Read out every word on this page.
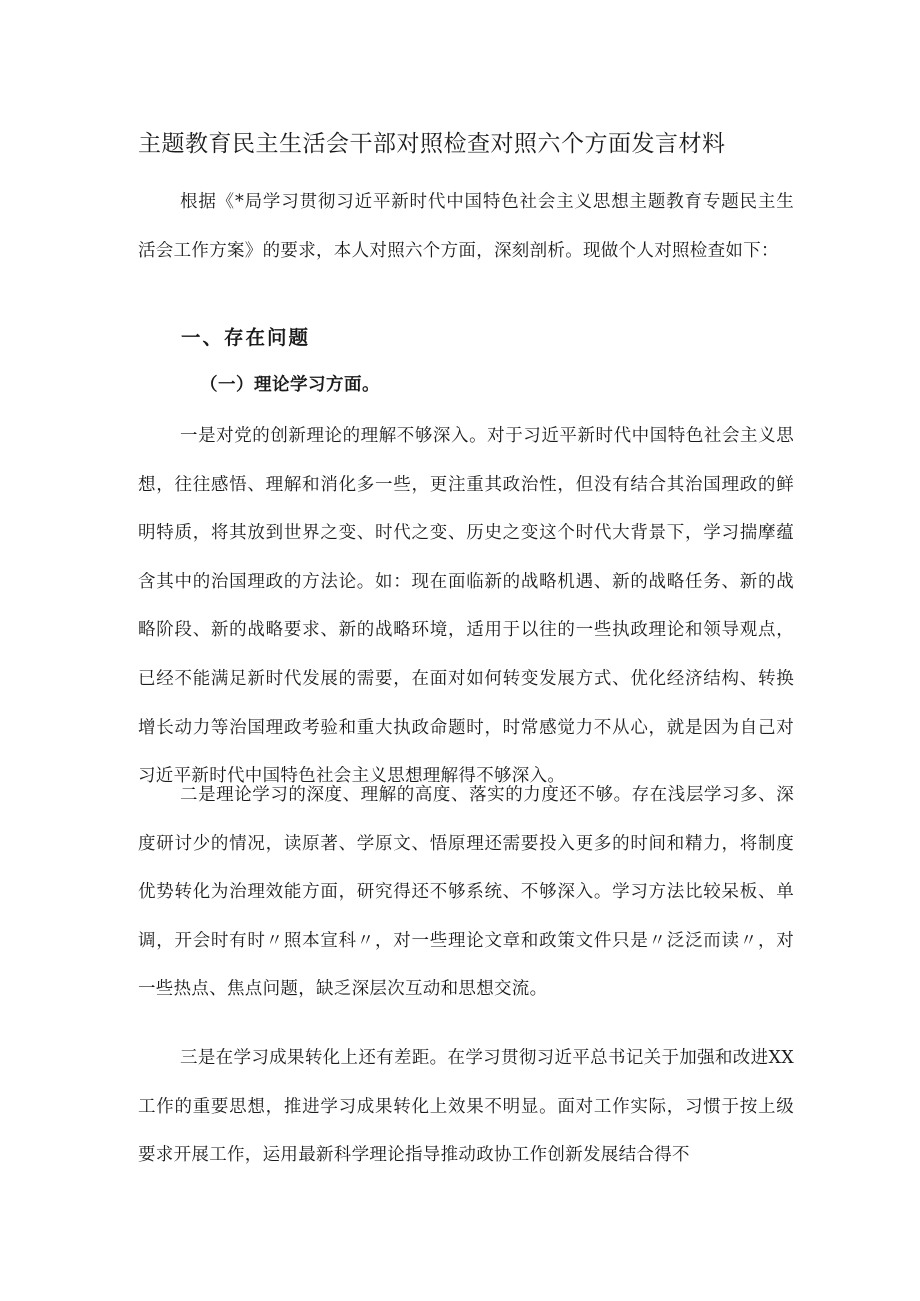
主题教育民主生活会干部对照检查对照六个方面发言材料

根据《*局学习贯彻习近平新时代中国特色社会主义思想主题教育专题民主生活会工作方案》的要求，本人对照六个方面，深刻剖析。现做个人对照检查如下：

一、存在问题
（一）理论学习方面。

一是对党的创新理论的理解不够深入。对于习近平新时代中国特色社会主义思想，往往感悟、理解和消化多一些，更注重其政治性，但没有结合其治国理政的鲜明特质，将其放到世界之变、时代之变、历史之变这个时代大背景下，学习揣摩蕴含其中的治国理政的方法论。如：现在面临新的战略机遇、新的战略任务、新的战略阶段、新的战略要求、新的战略环境，适用于以往的一些执政理论和领导观点，已经不能满足新时代发展的需要，在面对如何转变发展方式、优化经济结构、转换增长动力等治国理政考验和重大执政命题时，时常感觉力不从心，就是因为自己对习近平新时代中国特色社会主义思想理解得不够深入。

二是理论学习的深度、理解的高度、落实的力度还不够。存在浅层学习多、深度研讨少的情况，读原著、学原文、悟原理还需要投入更多的时间和精力，将制度优势转化为治理效能方面，研究得还不够系统、不够深入。学习方法比较呆板、单调，开会时有时〃照本宣科〃，对一些理论文章和政策文件只是〃泛泛而读〃，对一些热点、焦点问题，缺乏深层次互动和思想交流。

三是在学习成果转化上还有差距。在学习贯彻习近平总书记关于加强和改进XX工作的重要思想，推进学习成果转化上效果不明显。面对工作实际，习惯于按上级要求开展工作，运用最新科学理论指导推动政协工作创新发展结合得不
